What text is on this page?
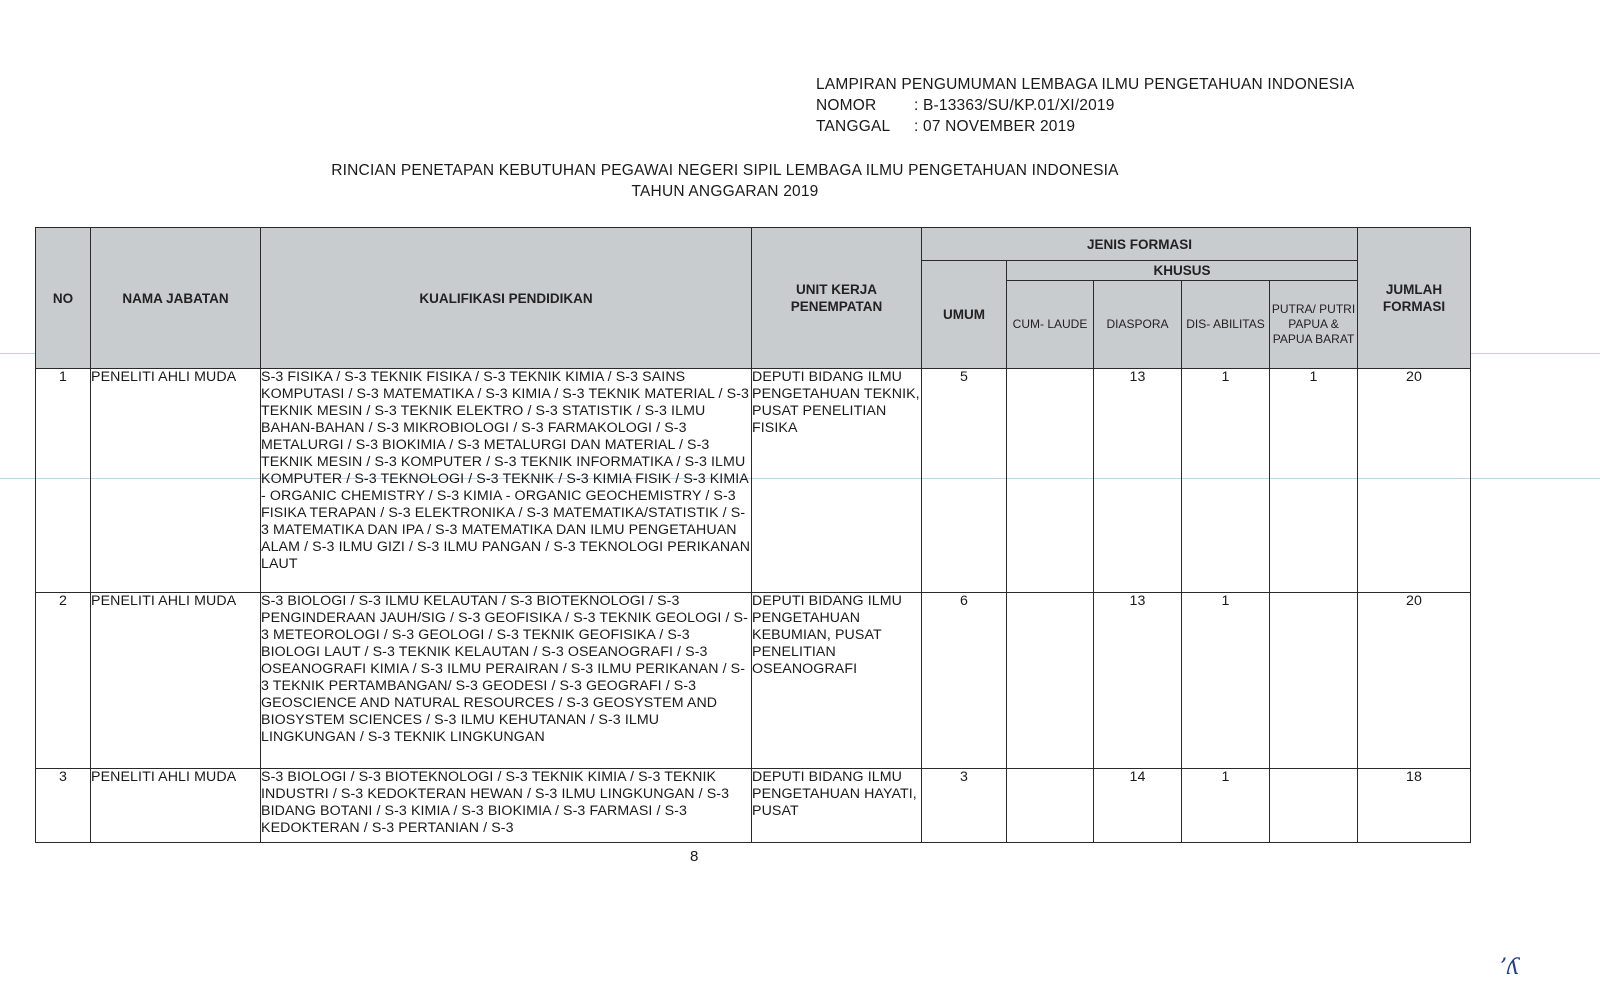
LAMPIRAN PENGUMUMAN LEMBAGA ILMU PENGETAHUAN INDONESIA
NOMOR	: B-13363/SU/KP.01/XI/2019
TANGGAL	: 07 NOVEMBER 2019
RINCIAN PENETAPAN KEBUTUHAN PEGAWAI NEGERI SIPIL LEMBAGA ILMU PENGETAHUAN INDONESIA
TAHUN ANGGARAN 2019
NO	NAMA JABATAN	KUALIFIKASI PENDIDIKAN	UNIT KERJA PENEMPATAN	JENIS FORMASI					JUMLAH FORMASI
				UMUM	KHUSUS				
					CUM- LAUDE	DIASPORA	DIS- ABILITAS	PUTRA/ PUTRI PAPUA & PAPUA BARAT	
1	PENELITI AHLI MUDA	S-3 FISIKA / S-3 TEKNIK FISIKA / S-3 TEKNIK KIMIA / S-3 SAINS KOMPUTASI / S-3 MATEMATIKA / S-3 KIMIA / S-3 TEKNIK MATERIAL / S-3 TEKNIK MESIN / S-3 TEKNIK ELEKTRO / S-3 STATISTIK / S-3 ILMU BAHAN-BAHAN / S-3 MIKROBIOLOGI / S-3 FARMAKOLOGI / S-3 METALURGI / S-3 BIOKIMIA / S-3 METALURGI DAN MATERIAL / S-3 TEKNIK MESIN / S-3 KOMPUTER / S-3 TEKNIK INFORMATIKA / S-3 ILMU KOMPUTER / S-3 TEKNOLOGI / S-3 TEKNIK / S-3 KIMIA FISIK / S-3 KIMIA - ORGANIC CHEMISTRY / S-3 KIMIA - ORGANIC GEOCHEMISTRY / S-3 FISIKA TERAPAN / S-3 ELEKTRONIKA / S-3 MATEMATIKA/STATISTIK / S-3 MATEMATIKA DAN IPA / S-3 MATEMATIKA DAN ILMU PENGETAHUAN ALAM / S-3 ILMU GIZI / S-3 ILMU PANGAN / S-3 TEKNOLOGI PERIKANAN LAUT	DEPUTI BIDANG ILMU PENGETAHUAN TEKNIK, PUSAT PENELITIAN FISIKA	5		13	1	1	20
2	PENELITI AHLI MUDA	S-3 BIOLOGI / S-3 ILMU KELAUTAN / S-3 BIOTEKNOLOGI / S-3 PENGINDERAAN JAUH/SIG / S-3 GEOFISIKA / S-3 TEKNIK GEOLOGI / S-3 METEOROLOGI / S-3 GEOLOGI / S-3 TEKNIK GEOFISIKA / S-3 BIOLOGI LAUT / S-3 TEKNIK KELAUTAN / S-3 OSEANOGRAFI / S-3 OSEANOGRAFI KIMIA / S-3 ILMU PERAIRAN / S-3 ILMU PERIKANAN / S-3 TEKNIK PERTAMBANGAN/ S-3 GEODESI / S-3 GEOGRAFI / S-3 GEOSCIENCE AND NATURAL RESOURCES / S-3 GEOSYSTEM AND BIOSYSTEM SCIENCES / S-3 ILMU KEHUTANAN / S-3 ILMU LINGKUNGAN / S-3 TEKNIK LINGKUNGAN	DEPUTI BIDANG ILMU PENGETAHUAN KEBUMIAN, PUSAT PENELITIAN OSEANOGRAFI	6		13	1		20
3	PENELITI AHLI MUDA	S-3 BIOLOGI / S-3 BIOTEKNOLOGI / S-3 TEKNIK KIMIA / S-3 TEKNIK INDUSTRI / S-3 KEDOKTERAN HEWAN / S-3 ILMU LINGKUNGAN / S-3 BIDANG BOTANI / S-3 KIMIA / S-3 BIOKIMIA / S-3 FARMASI / S-3 KEDOKTERAN / S-3 PERTANIAN / S-3	DEPUTI BIDANG ILMU PENGETAHUAN HAYATI, PUSAT	3		14	1		18
8
’ʎ
